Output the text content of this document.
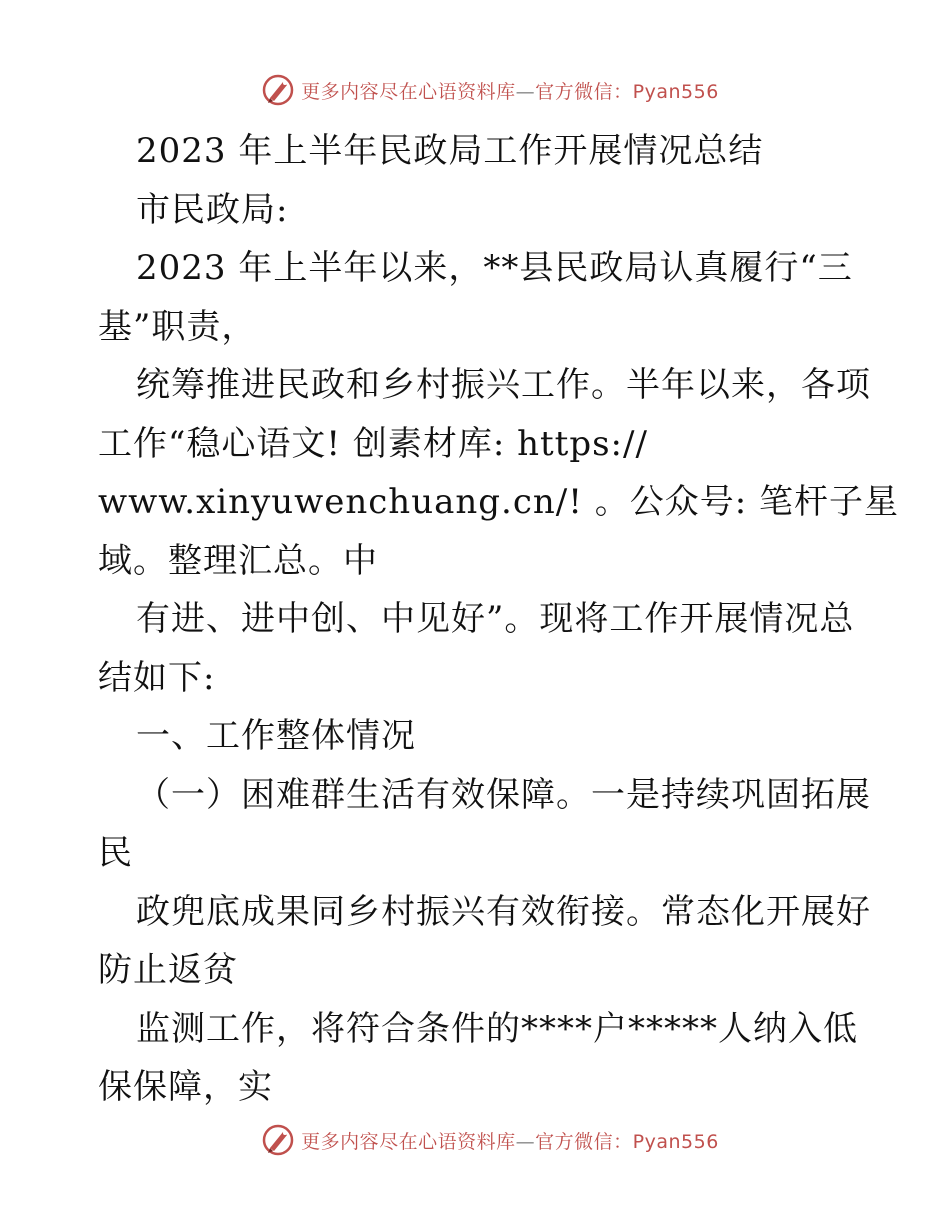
更多内容尽在心语资料库—官方微信：Pyan556
2023 年上半年民政局工作开展情况总结
市民政局:
2023 年上半年以来，**县民政局认真履行“三
基”职责，
统筹推进民政和乡村振兴工作。半年以来，各项
工作“稳心语文! 创素材库: https://
www.xinyuwenchuang.cn/! 。公众号: 笔杆子星
域。整理汇总。中
有进、进中创、中见好”。现将工作开展情况总
结如下:
一、工作整体情况
（一）困难群生活有效保障。一是持续巩固拓展
民
政兜底成果同乡村振兴有效衔接。常态化开展好
防止返贫
监测工作，将符合条件的****户*****人纳入低
保保障，实
更多内容尽在心语资料库—官方微信：Pyan556
